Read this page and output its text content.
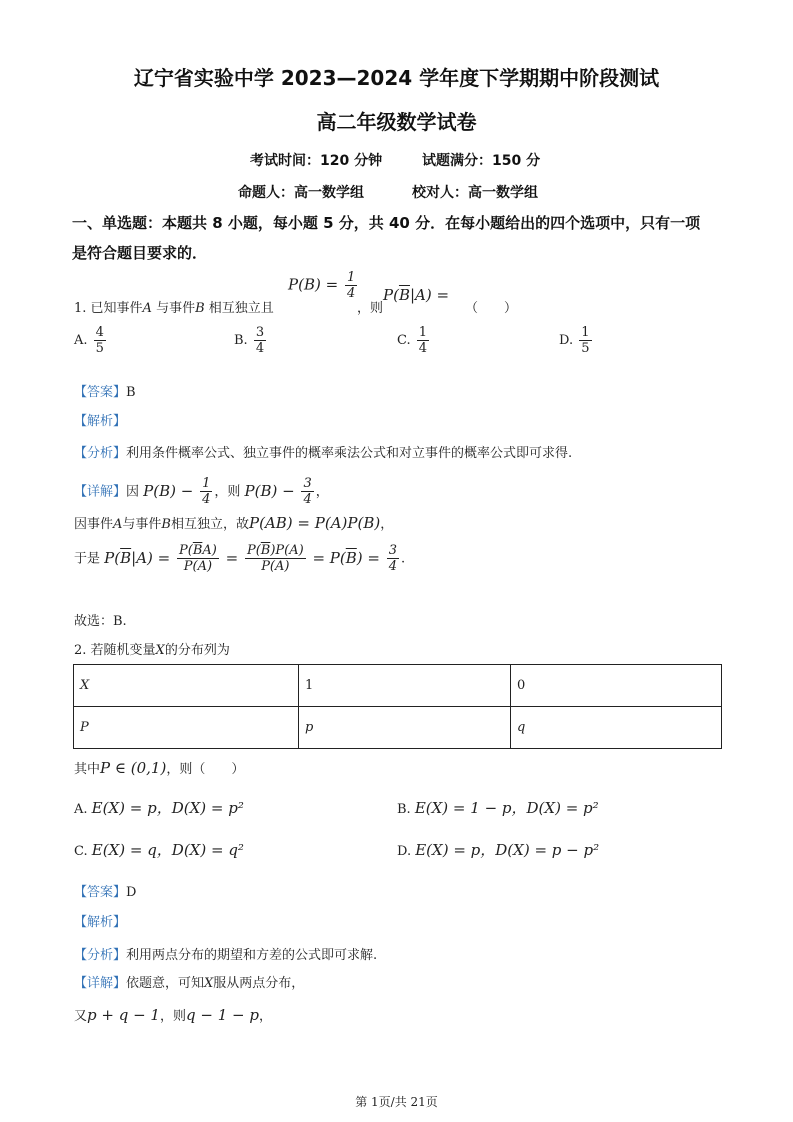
辽宁省实验中学 2023—2024 学年度下学期期中阶段测试
高二年级数学试卷
考试时间：120 分钟	试题满分：150 分
命题人：高一数学组	校对人：高一数学组
一、单选题：本题共 8 小题，每小题 5 分，共 40 分．在每小题给出的四个选项中，只有一项
是符合题目要求的．
1. 已知事件A 与事件B 相互独立且
$P(B) = \frac{1}{4}$
，则
$P(\overline{B}|A)$ =
（　　）
A. $\frac{4}{5}$	B. $\frac{3}{4}$	C. $\frac{1}{4}$	D. $\frac{1}{5}$
【答案】B
【解析】
【分析】利用条件概率公式、独立事件的概率乘法公式和对立事件的概率公式即可求得.
【详解】因 $P(B) - \frac{1}{4}$ ，则 $P(B) - \frac{3}{4}$ ，
因事件A与事件B相互独立，故P(AB) = P(A)P(B)，
于是 $P(\overline{B}|A) = \frac{P(\overline{B}A)}{P(A)} = \frac{P(\overline{B})P(A)}{P(A)} = P(\overline{B}) = \frac{3}{4}$ .
故选：B.
2. 若随机变量X的分布列为
X	1	0
P	p	q
其中P ∈ (0,1)，则（　　）
A. E(X) = p，D(X) = p²	B. E(X) = 1 − p，D(X) = p²
C. E(X) = q，D(X) = q²	D. E(X) = p，D(X) = p − p²
【答案】D
【解析】
【分析】利用两点分布的期望和方差的公式即可求解.
【详解】依题意，可知X服从两点分布，
又p + q − 1，则q − 1 − p，
第 1页/共 21页
